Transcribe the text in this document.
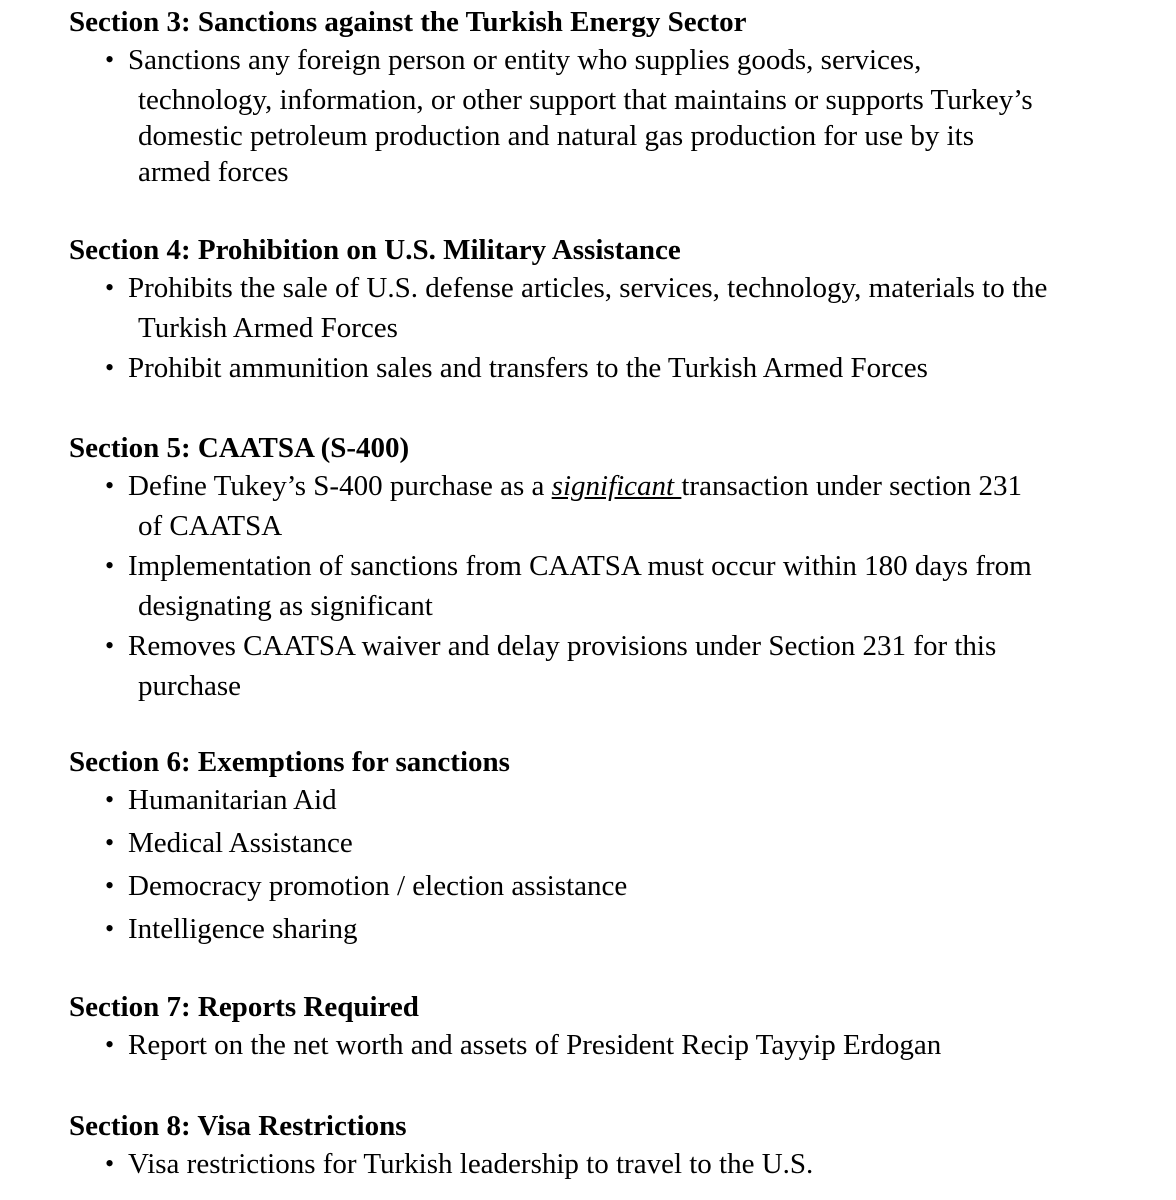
Section 3: Sanctions against the Turkish Energy Sector
• Sanctions any foreign person or entity who supplies goods, services,
technology, information, or other support that maintains or supports Turkey’s
domestic petroleum production and natural gas production for use by its
armed forces
Section 4: Prohibition on U.S. Military Assistance
• Prohibits the sale of U.S. defense articles, services, technology, materials to the
Turkish Armed Forces
• Prohibit ammunition sales and transfers to the Turkish Armed Forces
Section 5: CAATSA (S-400)
• Define Tukey’s S-400 purchase as a significant transaction under section 231
of CAATSA
• Implementation of sanctions from CAATSA must occur within 180 days from
designating as significant
• Removes CAATSA waiver and delay provisions under Section 231 for this
purchase
Section 6: Exemptions for sanctions
• Humanitarian Aid
• Medical Assistance
• Democracy promotion / election assistance
• Intelligence sharing
Section 7: Reports Required
• Report on the net worth and assets of President Recip Tayyip Erdogan
Section 8: Visa Restrictions
• Visa restrictions for Turkish leadership to travel to the U.S.
